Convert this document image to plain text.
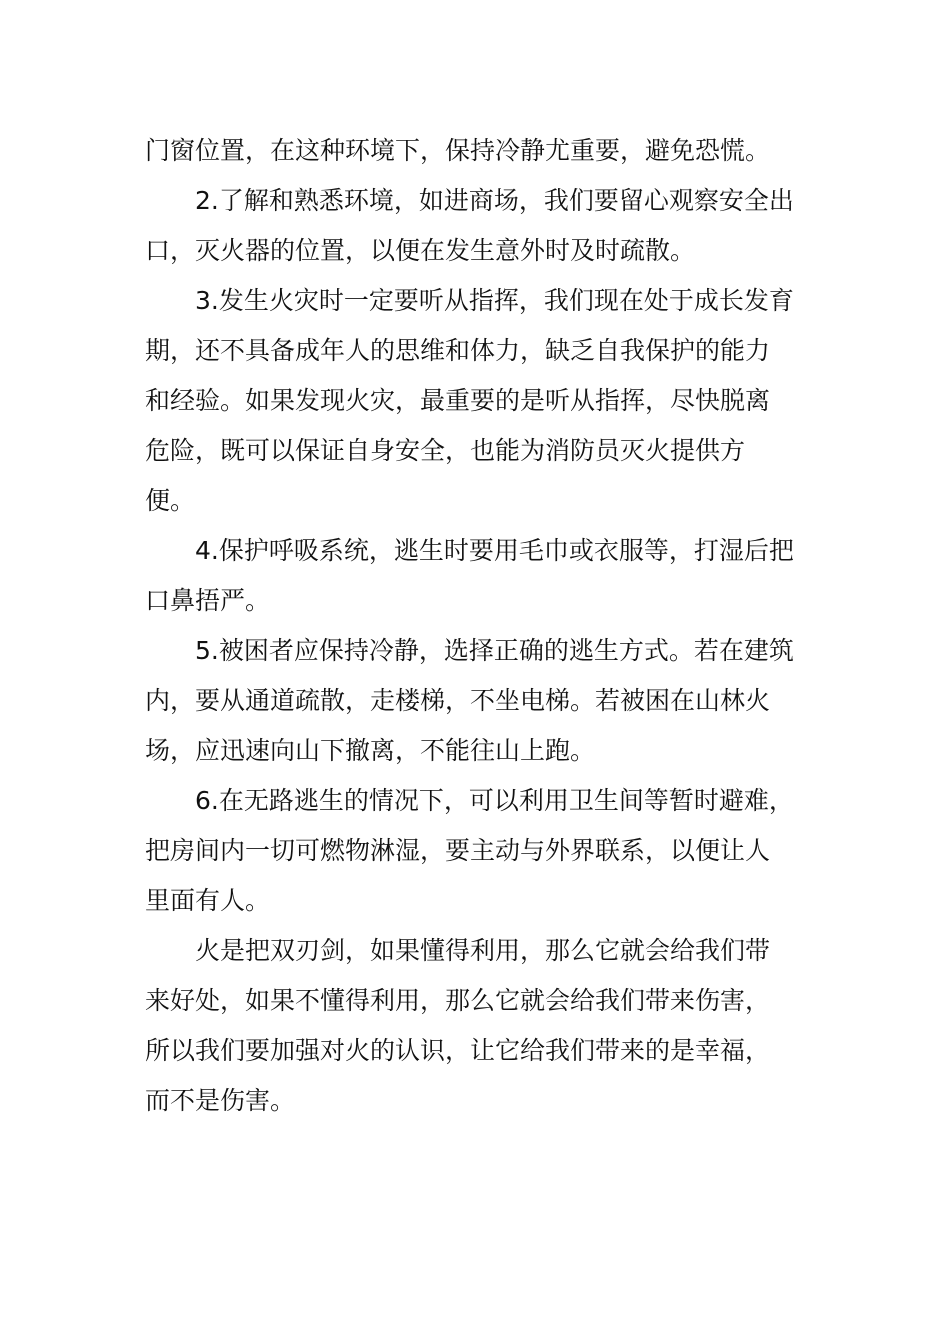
门窗位置，在这种环境下，保持冷静尤重要，避免恐慌。
2.了解和熟悉环境，如进商场，我们要留心观察安全出
口，灭火器的位置，以便在发生意外时及时疏散。
3.发生火灾时一定要听从指挥，我们现在处于成长发育
期，还不具备成年人的思维和体力，缺乏自我保护的能力
和经验。如果发现火灾，最重要的是听从指挥，尽快脱离
危险，既可以保证自身安全，也能为消防员灭火提供方
便。
4.保护呼吸系统，逃生时要用毛巾或衣服等，打湿后把
口鼻捂严。
5.被困者应保持冷静，选择正确的逃生方式。若在建筑
内，要从通道疏散，走楼梯，不坐电梯。若被困在山林火
场，应迅速向山下撤离，不能往山上跑。
6.在无路逃生的情况下，可以利用卫生间等暂时避难，
把房间内一切可燃物淋湿，要主动与外界联系，以便让人
里面有人。
火是把双刃剑，如果懂得利用，那么它就会给我们带
来好处，如果不懂得利用，那么它就会给我们带来伤害，
所以我们要加强对火的认识，让它给我们带来的是幸福，
而不是伤害。
